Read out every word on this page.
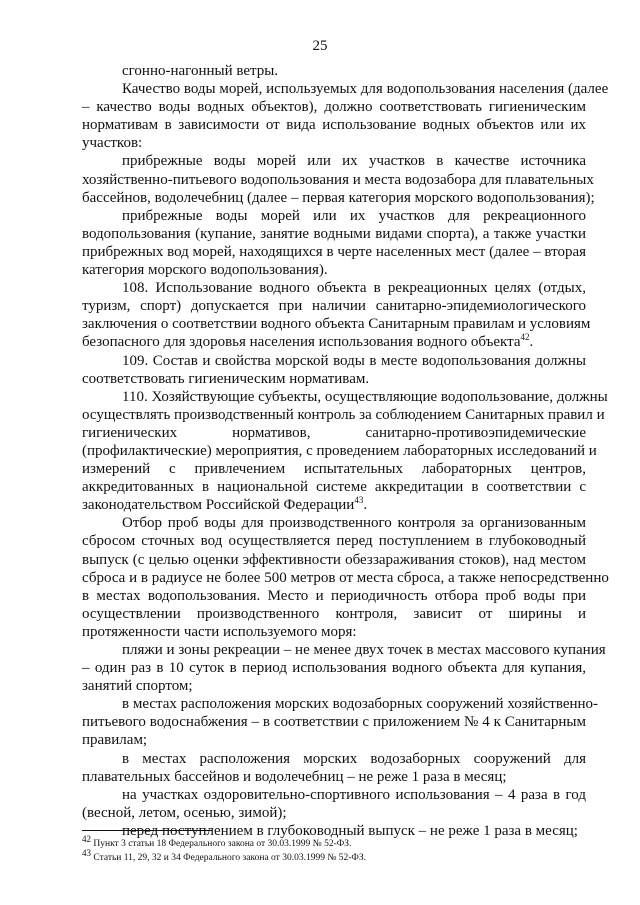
25
сгонно-нагонный ветры.
Качество воды морей, используемых для водопользования населения (далее
– качество воды водных объектов), должно соответствовать гигиеническим
нормативам в зависимости от вида использование водных объектов или их
участков:
прибрежные воды морей или их участков в качестве источника
хозяйственно-питьевого водопользования и места водозабора для плавательных
бассейнов, водолечебниц (далее – первая категория морского водопользования);
прибрежные воды морей или их участков для рекреационного
водопользования (купание, занятие водными видами спорта), а также участки
прибрежных вод морей, находящихся в черте населенных мест (далее – вторая
категория морского водопользования).
108. Использование водного объекта в рекреационных целях (отдых,
туризм, спорт) допускается при наличии санитарно-эпидемиологического
заключения о соответствии водного объекта Санитарным правилам и условиям
безопасного для здоровья населения использования водного объекта$^{42}$.
109. Состав и свойства морской воды в месте водопользования должны
соответствовать гигиеническим нормативам.
110. Хозяйствующие субъекты, осуществляющие водопользование, должны
осуществлять производственный контроль за соблюдением Санитарных правил и
гигиенических нормативов, санитарно-противоэпидемические
(профилактические) мероприятия, с проведением лабораторных исследований и
измерений с привлечением испытательных лабораторных центров,
аккредитованных в национальной системе аккредитации в соответствии с
законодательством Российской Федерации$^{43}$.
Отбор проб воды для производственного контроля за организованным
сбросом сточных вод осуществляется перед поступлением в глубоководный
выпуск (с целью оценки эффективности обеззараживания стоков), над местом
сброса и в радиусе не более 500 метров от места сброса, а также непосредственно
в местах водопользования. Место и периодичность отбора проб воды при
осуществлении производственного контроля, зависит от ширины и
протяженности части используемого моря:
пляжи и зоны рекреации – не менее двух точек в местах массового купания
– один раз в 10 суток в период использования водного объекта для купания,
занятий спортом;
в местах расположения морских водозаборных сооружений хозяйственно-
питьевого водоснабжения – в соответствии с приложением № 4 к Санитарным
правилам;
в местах расположения морских водозаборных сооружений для
плавательных бассейнов и водолечебниц – не реже 1 раза в месяц;
на участках оздоровительно-спортивного использования – 4 раза в год
(весной, летом, осенью, зимой);
перед поступлением в глубоководный выпуск – не реже 1 раза в месяц;
$^{42}$ Пункт 3 статьи 18 Федерального закона от 30.03.1999 № 52-ФЗ.
$^{43}$ Статьи 11, 29, 32 и 34 Федерального закона от 30.03.1999 № 52-ФЗ.
